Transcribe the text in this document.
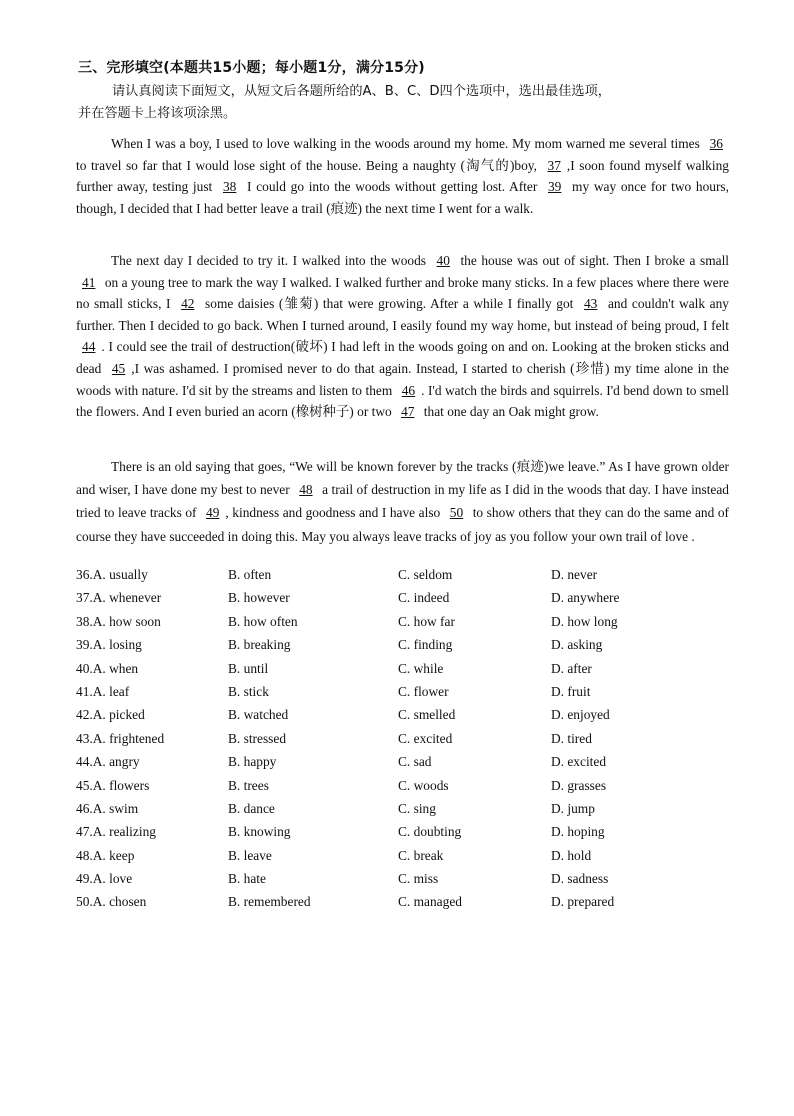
三、完形填空(本题共15小题；每小题1分，满分15分)
请认真阅读下面短文，从短文后各题所给的A、B、C、D四个选项中，选出最佳选项，
并在答题卡上将该项涂黑。
When I was a boy, I used to love walking in the woods around my home. My mom warned me several times 36 to travel so far that I would lose sight of the house. Being a naughty (淘气的)boy, 37 ,I soon found myself walking further away, testing just 38 I could go into the woods without getting lost. After 39 my way once for two hours, though, I decided that I had better leave a trail (痕迹) the next time I went for a walk.
The next day I decided to try it. I walked into the woods 40 the house was out of sight. Then I broke a small 41 on a young tree to mark the way I walked. I walked further and broke many sticks. In a few places where there were no small sticks, I 42 some daisies (雏菊) that were growing. After a while I finally got 43 and couldn't walk any further. Then I decided to go back. When I turned around, I easily found my way home, but instead of being proud, I felt 44 . I could see the trail of destruction(破坏) I had left in the woods going on and on. Looking at the broken sticks and dead 45 ,I was ashamed. I promised never to do that again. Instead, I started to cherish (珍惜) my time alone in the woods with nature. I'd sit by the streams and listen to them 46 . I'd watch the birds and squirrels. I'd bend down to smell the flowers. And I even buried an acorn (橡树种子) or two 47 that one day an Oak might grow.
There is an old saying that goes, “We will be known forever by the tracks (痕迹)we leave.” As I have grown older and wiser, I have done my best to never 48 a trail of destruction in my life as I did in the woods that day. I have instead tried to leave tracks of 49 , kindness and goodness and I have also 50 to show others that they can do the same and of course they have succeeded in doing this. May you always leave tracks of joy as you follow your own trail of love .
36.A. usually	B. often	C. seldom	D. never
37.A. whenever	B. however	C. indeed	D. anywhere
38.A. how soon	B. how often	C. how far	D. how long
39.A. losing	B. breaking	C. finding	D. asking
40.A. when	B. until	C. while	D. after
41.A. leaf	B. stick	C. flower	D. fruit
42.A. picked	B. watched	C. smelled	D. enjoyed
43.A. frightened	B. stressed	C. excited	D. tired
44.A. angry	B. happy	C. sad	D. excited
45.A. flowers	B. trees	C. woods	D. grasses
46.A. swim	B. dance	C. sing	D. jump
47.A. realizing	B. knowing	C. doubting	D. hoping
48.A. keep	B. leave	C. break	D. hold
49.A. love	B. hate	C. miss	D. sadness
50.A. chosen	B. remembered	C. managed	D. prepared
